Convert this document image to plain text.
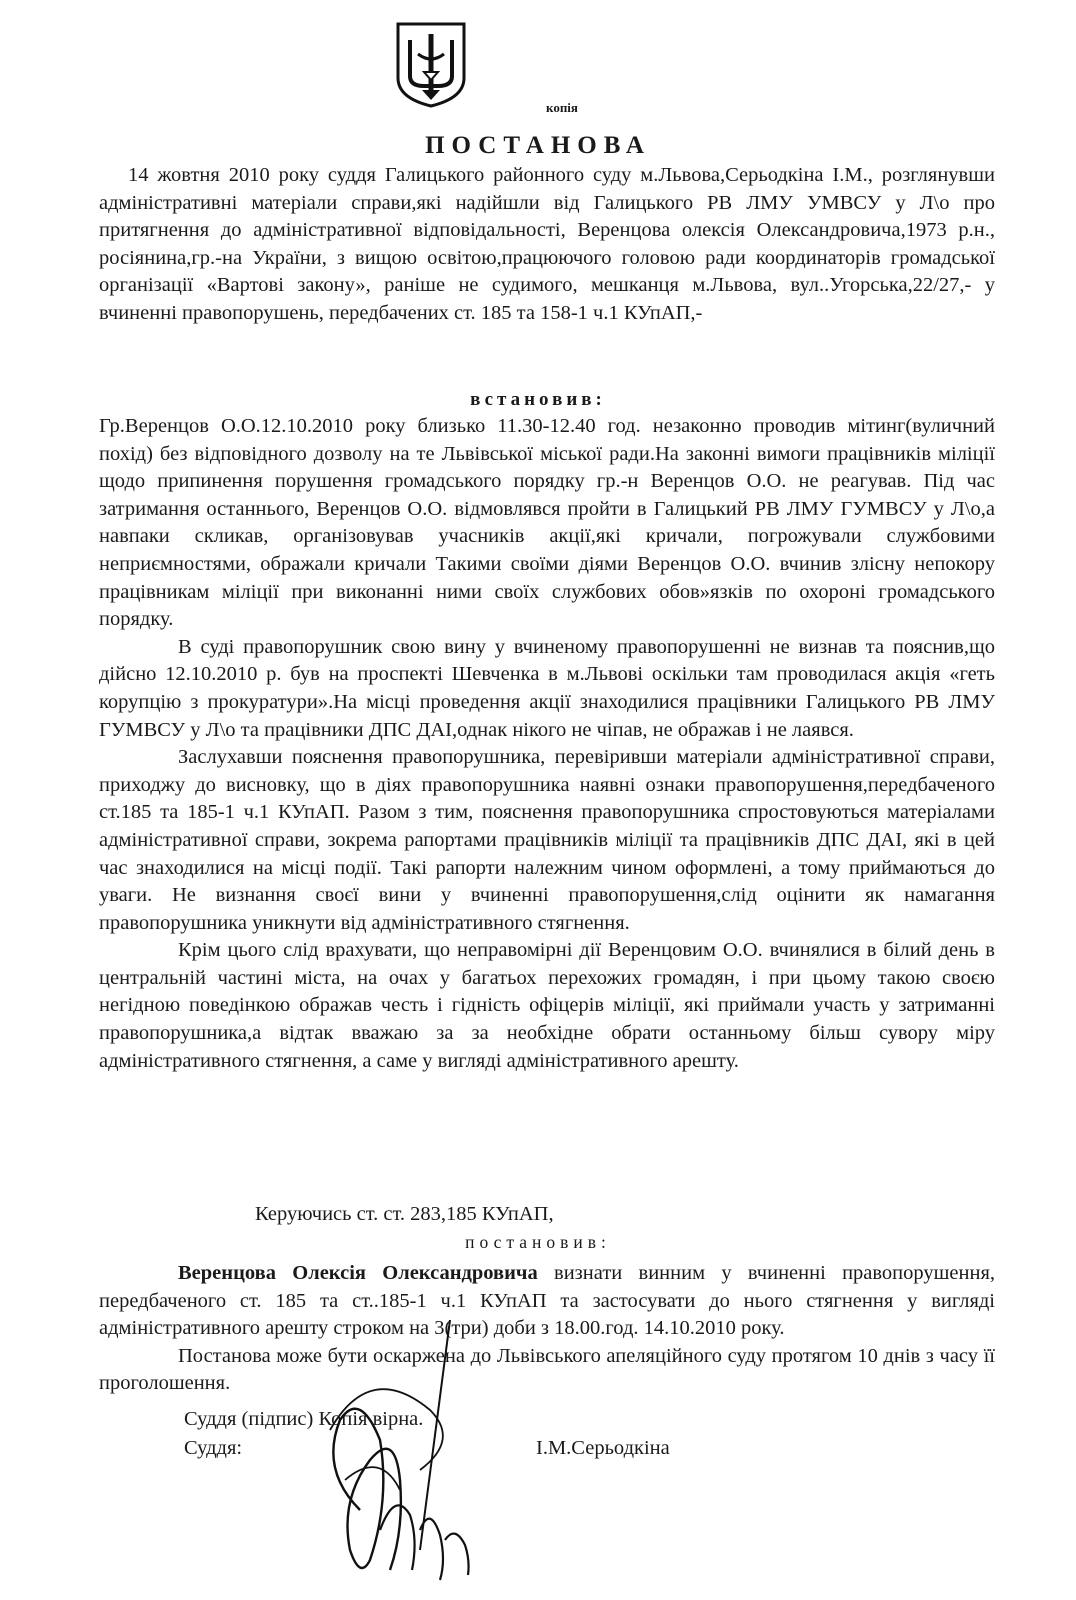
копія
ПОСТАНОВА

14 жовтня 2010 року суддя Галицького районного суду м.Львова,Серьодкіна І.М., розглянувши адміністративні матеріали справи,які надійшли від Галицького РВ ЛМУ УМВСУ у Л\о про притягнення до адміністративної відповідальності, Веренцова олексія Олександровича,1973 р.н., росіянина,гр.-на України, з вищою освітою,працюючого головою ради координаторів громадської організації «Вартові закону», раніше не судимого, мешканця м.Львова, вул..Угорська,22/27,- у вчиненні правопорушень, передбачених ст. 185 та 158-1 ч.1 КУпАП,-

встановив:

Гр.Веренцов О.О.12.10.2010 року близько 11.30-12.40 год. незаконно проводив мітинг(вуличний похід) без відповідного дозволу на те Львівської міської ради.На законні вимоги працівників міліції щодо припинення порушення громадського порядку гр.-н Веренцов О.О. не реагував. Під час затримання останнього, Веренцов О.О. відмовлявся пройти в Галицький РВ ЛМУ ГУМВСУ у Л\о,а навпаки скликав, організовував учасників акції,які кричали, погрожували службовими неприємностями, ображали кричали Такими своїми діями Веренцов О.О. вчинив злісну непокору працівникам міліції при виконанні ними своїх службових обов»язків по охороні громадського порядку.

В суді правопорушник свою вину у вчиненому правопорушенні не визнав та пояснив,що дійсно 12.10.2010 р. був на проспекті Шевченка в м.Львові оскільки там проводилася акція «геть корупцію з прокуратури».На місці проведення акції знаходилися працівники Галицького РВ ЛМУ ГУМВСУ у Л\о та працівники ДПС ДАІ,однак нікого не чіпав, не ображав і не лаявся.

Заслухавши пояснення правопорушника, перевіривши матеріали адміністративної справи, приходжу до висновку, що в діях правопорушника наявні ознаки правопорушення,передбаченого ст.185 та 185-1 ч.1 КУпАП. Разом з тим, пояснення правопорушника спростовуються матеріалами адміністративної справи, зокрема рапортами працівників міліції та працівників ДПС ДАІ, які в цей час знаходилися на місці події. Такі рапорти належним чином оформлені, а тому приймаються до уваги. Не визнання своєї вини у вчиненні правопорушення,слід оцінити як намагання правопорушника уникнути від адміністративного стягнення.

Крім цього слід врахувати, що неправомірні дії Веренцовим О.О. вчинялися в білий день в центральній частині міста, на очах у багатьох перехожих громадян, і при цьому такою своєю негідною поведінкою ображав честь і гідність офіцерів міліції, які приймали участь у затриманні правопорушника,а відтак вважаю за за необхідне обрати останньому більш сувору міру адміністративного стягнення, а саме у вигляді адміністративного арешту.

Керуючись ст. ст. 283,185 КУпАП,
постановив:

Веренцова Олексія Олександровича визнати винним у вчиненні правопорушення, передбаченого ст. 185 та ст..185-1 ч.1 КУпАП та застосувати до нього стягнення у вигляді адміністративного арешту строком на 3(три) доби з 18.00.год. 14.10.2010 року.

Постанова може бути оскаржена до Львівського апеляційного суду протягом 10 днів з часу її проголошення.

Суддя (підпис) Копія вірна.
Суддя:	І.М.Серьодкіна
